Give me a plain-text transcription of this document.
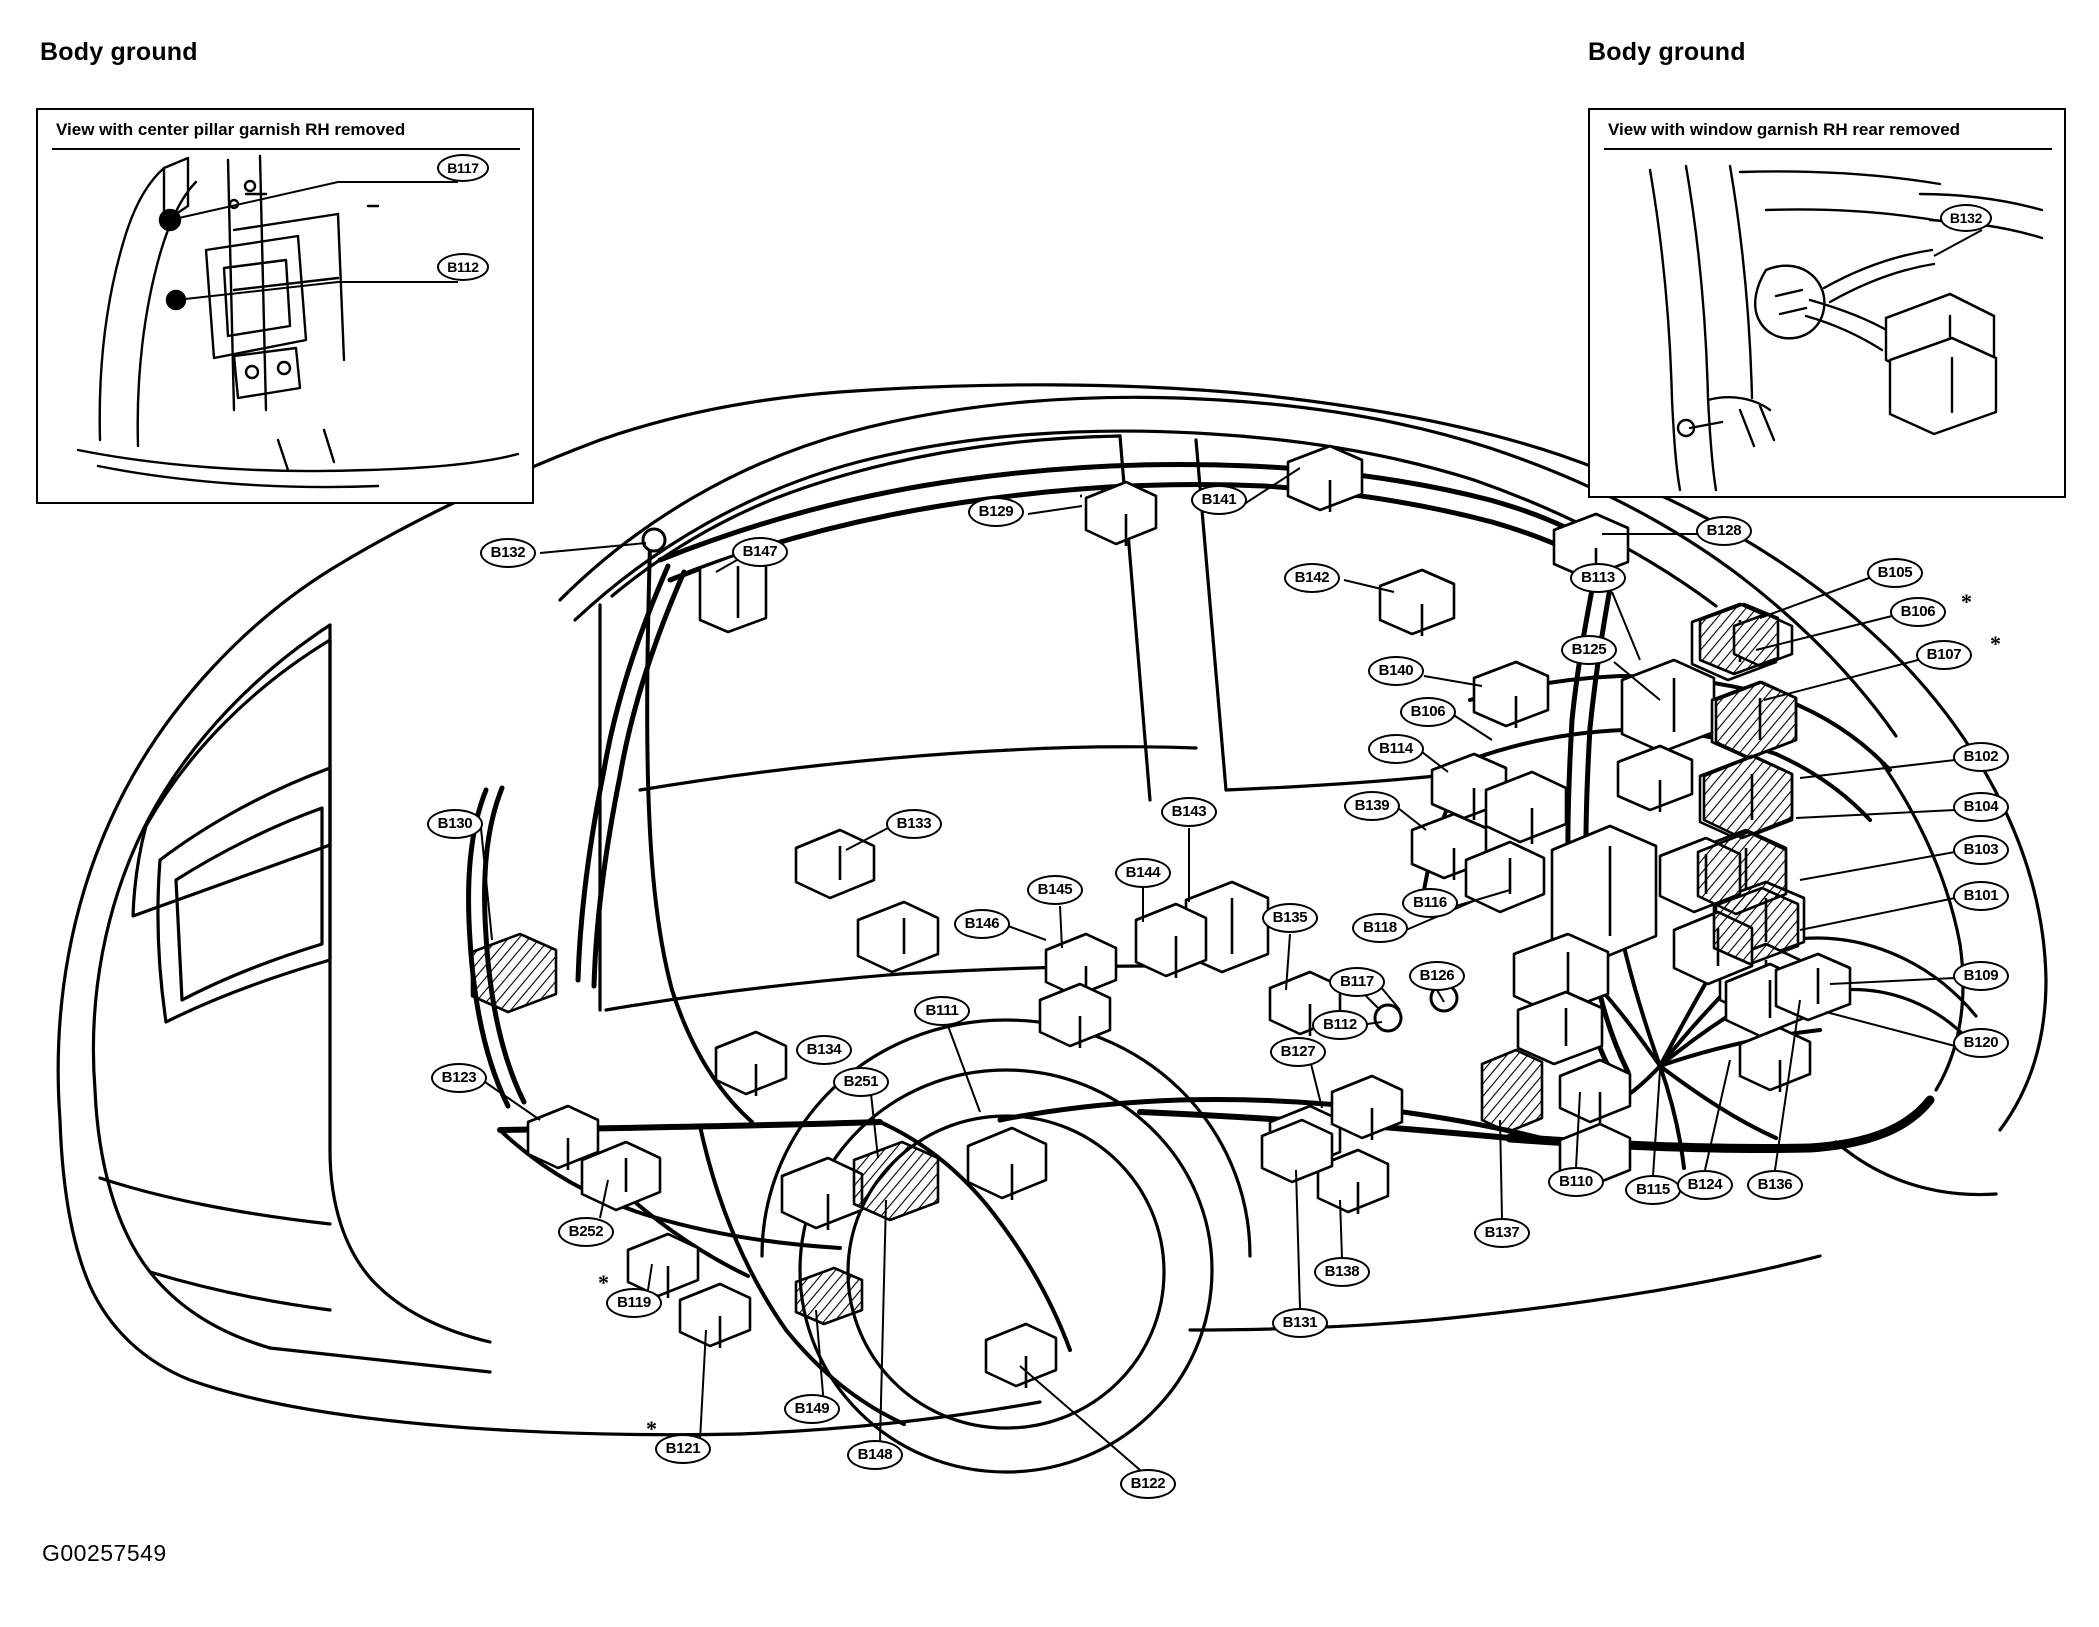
Body ground
View with center pillar garnish RH removed
Body ground
View with window garnish RH rear removed
B117
B112
B132
B132	B147
B129
B141
B128
B142	B113	B105
B106
B107
B125
B140
B106
B114	B102
B104
B139
B103
B130	B133
B143
B101
B144
B145
B116
B146	B135
B118
B109
B117	B126
B112
B120
B111
B134	B127
B123	B251
B110	B115	B124	B136
B252	B137
B138
B119
B131
B149
B121	B148
B122
*
*
*
*
G00257549
